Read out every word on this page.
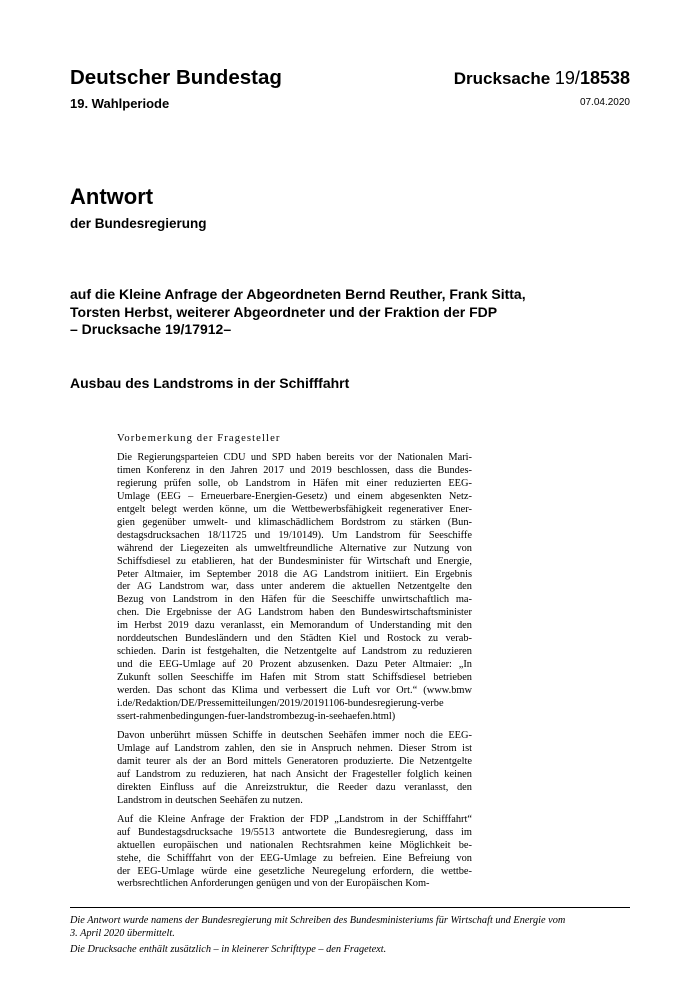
Deutscher Bundestag
19. Wahlperiode
Drucksache 19/18538
07.04.2020
Antwort
der Bundesregierung
auf die Kleine Anfrage der Abgeordneten Bernd Reuther, Frank Sitta,
Torsten Herbst, weiterer Abgeordneter und der Fraktion der FDP
– Drucksache 19/17912–
Ausbau des Landstroms in der Schifffahrt
Vorbemerkung der Fragesteller
Die Regierungsparteien CDU und SPD haben bereits vor der Nationalen Mari-
timen Konferenz in den Jahren 2017 und 2019 beschlossen, dass die Bundes-
regierung prüfen solle, ob Landstrom in Häfen mit einer reduzierten EEG-
Umlage (EEG – Erneuerbare-Energien-Gesetz) und einem abgesenkten Netz-
entgelt belegt werden könne, um die Wettbewerbsfähigkeit regenerativer Ener-
gien gegenüber umwelt- und klimaschädlichem Bordstrom zu stärken (Bun-
destagsdrucksachen 18/11725 und 19/10149). Um Landstrom für Seeschiffe
während der Liegezeiten als umweltfreundliche Alternative zur Nutzung von
Schiffsdiesel zu etablieren, hat der Bundesminister für Wirtschaft und Energie,
Peter Altmaier, im September 2018 die AG Landstrom initiiert. Ein Ergebnis
der AG Landstrom war, dass unter anderem die aktuellen Netzentgelte den
Bezug von Landstrom in den Häfen für die Seeschiffe unwirtschaftlich ma-
chen. Die Ergebnisse der AG Landstrom haben den Bundeswirtschaftsminister
im Herbst 2019 dazu veranlasst, ein Memorandum of Understanding mit den
norddeutschen Bundesländern und den Städten Kiel und Rostock zu verab-
schieden. Darin ist festgehalten, die Netzentgelte auf Landstrom zu reduzieren
und die EEG-Umlage auf 20 Prozent abzusenken. Dazu Peter Altmaier: „In
Zukunft sollen Seeschiffe im Hafen mit Strom statt Schiffsdiesel betrieben
werden. Das schont das Klima und verbessert die Luft vor Ort.“ (www.bmw
i.de/Redaktion/DE/Pressemitteilungen/2019/20191106-bundesregierung-verbe
ssert-rahmenbedingungen-fuer-landstrombezug-in-seehaefen.html)
Davon unberührt müssen Schiffe in deutschen Seehäfen immer noch die EEG-
Umlage auf Landstrom zahlen, den sie in Anspruch nehmen. Dieser Strom ist
damit teurer als der an Bord mittels Generatoren produzierte. Die Netzentgelte
auf Landstrom zu reduzieren, hat nach Ansicht der Fragesteller folglich keinen
direkten Einfluss auf die Anreizstruktur, die Reeder dazu veranlasst, den
Landstrom in deutschen Seehäfen zu nutzen.
Auf die Kleine Anfrage der Fraktion der FDP „Landstrom in der Schifffahrt“
auf Bundestagsdrucksache 19/5513 antwortete die Bundesregierung, dass im
aktuellen europäischen und nationalen Rechtsrahmen keine Möglichkeit be-
stehe, die Schifffahrt von der EEG-Umlage zu befreien. Eine Befreiung von
der EEG-Umlage würde eine gesetzliche Neuregelung erfordern, die wettbe-
werbsrechtlichen Anforderungen genügen und von der Europäischen Kom-
Die Antwort wurde namens der Bundesregierung mit Schreiben des Bundesministeriums für Wirtschaft und Energie vom
3. April 2020 übermittelt.
Die Drucksache enthält zusätzlich – in kleinerer Schrifttype – den Fragetext.
